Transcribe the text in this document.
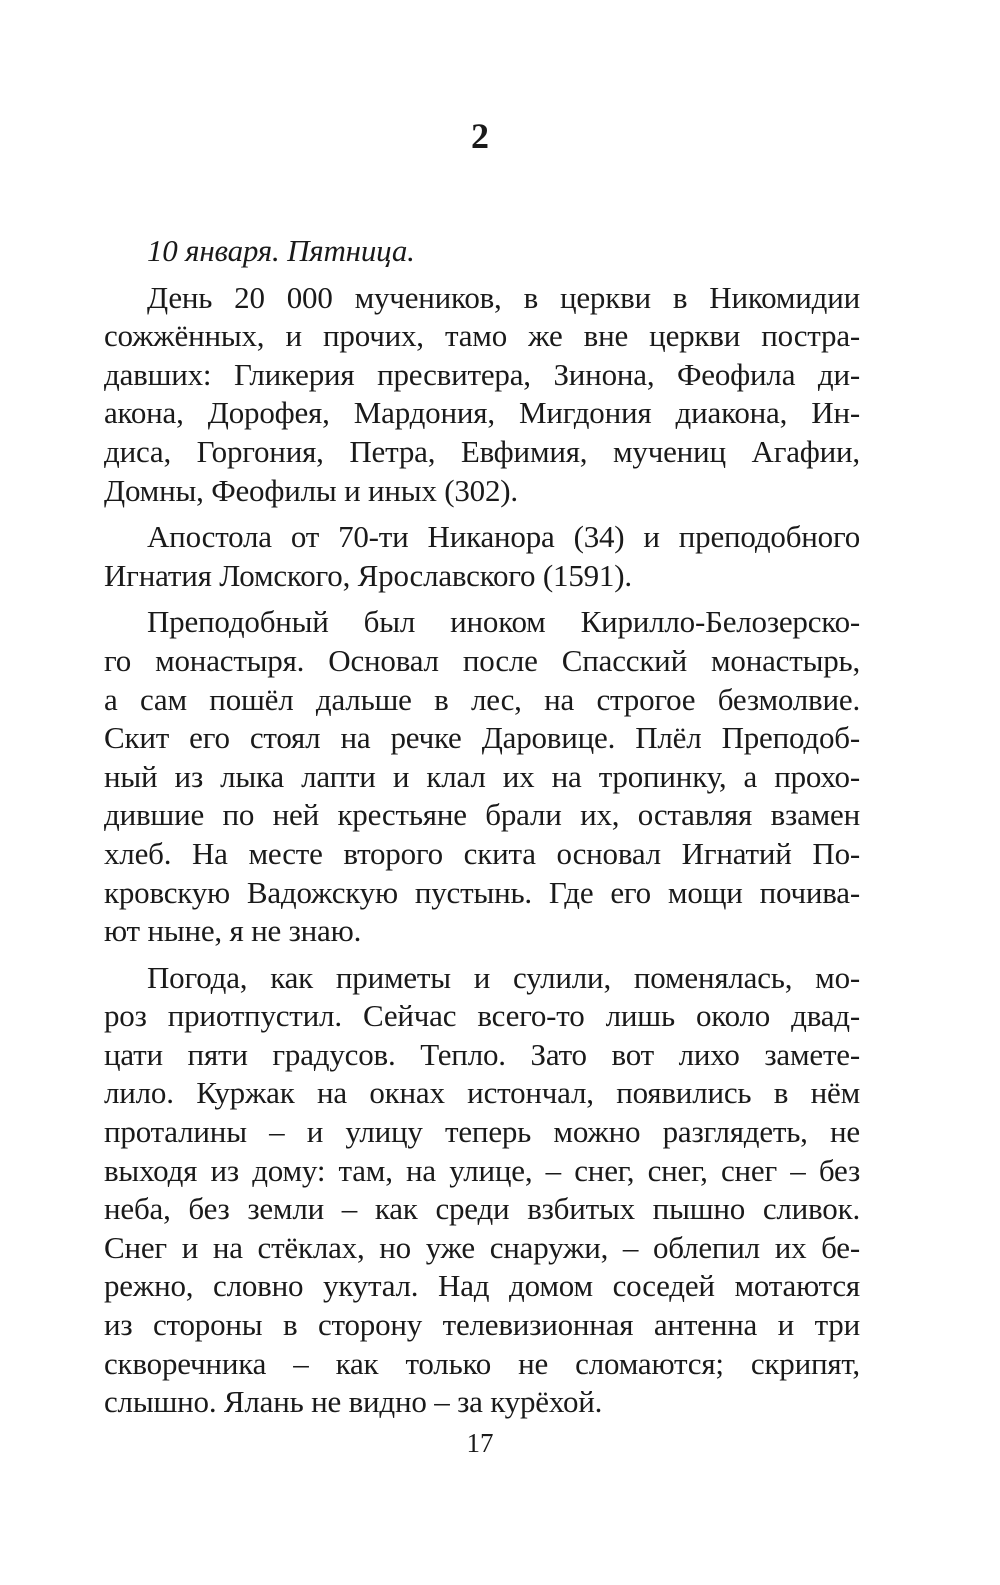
2
10 января. Пятница.
День 20 000 мучеников, в церкви в Никомидии
сожжённых, и прочих, тамо же вне церкви постра-
давших: Гликерия пресвитера, Зинона, Феофила ди-
акона, Дорофея, Мардония, Мигдония диакона, Ин-
диса, Горгония, Петра, Евфимия, мучениц Агафии,
Домны, Феофилы и иных (302).
Апостола от 70-ти Никанора (34) и преподобного
Игнатия Ломского, Ярославского (1591).
Преподобный был иноком Кирилло-Белозерско-
го монастыря. Основал после Спасский монастырь,
а сам пошёл дальше в лес, на строгое безмолвие.
Скит его стоял на речке Даровице. Плёл Преподоб-
ный из лыка лапти и клал их на тропинку, а прохо-
дившие по ней крестьяне брали их, оставляя взамен
хлеб. На месте второго скита основал Игнатий По-
кровскую Вадожскую пустынь. Где его мощи почива-
ют ныне, я не знаю.
Погода, как приметы и сулили, поменялась, мо-
роз приотпустил. Сейчас всего-то лишь около двад-
цати пяти градусов. Тепло. Зато вот лихо замете-
лило. Куржак на окнах истончал, появились в нём
проталины – и улицу теперь можно разглядеть, не
выходя из дому: там, на улице, – снег, снег, снег – без
неба, без земли – как среди взбитых пышно сливок.
Снег и на стёклах, но уже снаружи, – облепил их бе-
режно, словно укутал. Над домом соседей мотаются
из стороны в сторону телевизионная антенна и три
скворечника – как только не сломаются; скрипят,
слышно. Ялань не видно – за курёхой.
17
